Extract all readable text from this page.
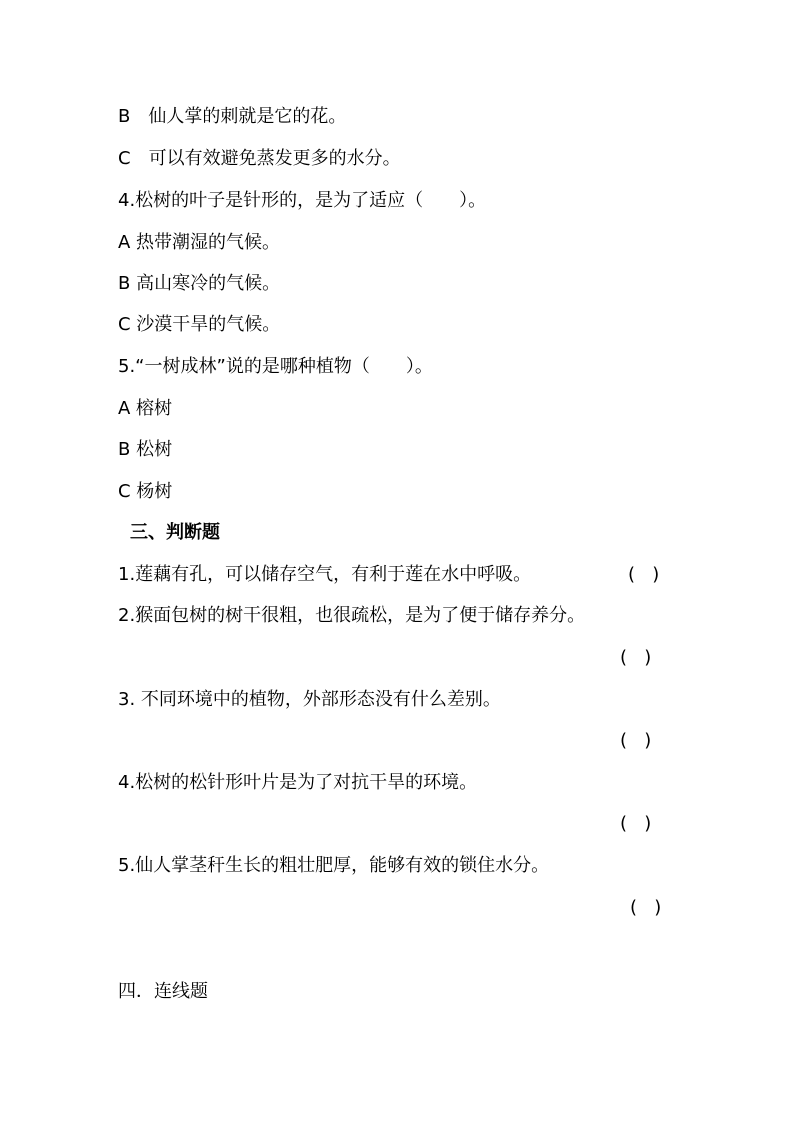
B　仙人掌的刺就是它的花。
C　可以有效避免蒸发更多的水分。
4.松树的叶子是针形的，是为了适应（　　）。
A 热带潮湿的气候。
B 高山寒冷的气候。
C 沙漠干旱的气候。
5.“一树成林”说的是哪种植物（　　）。
A 榕树
B 松树
C 杨树
三、判断题
1.莲藕有孔，可以储存空气，有利于莲在水中呼吸。	(   )
2.猴面包树的树干很粗，也很疏松，是为了便于储存养分。
(   )
3. 不同环境中的植物，外部形态没有什么差别。
(   )
4.松树的松针形叶片是为了对抗干旱的环境。
(   )
5.仙人掌茎秆生长的粗壮肥厚，能够有效的锁住水分。
(   )
四．连线题
